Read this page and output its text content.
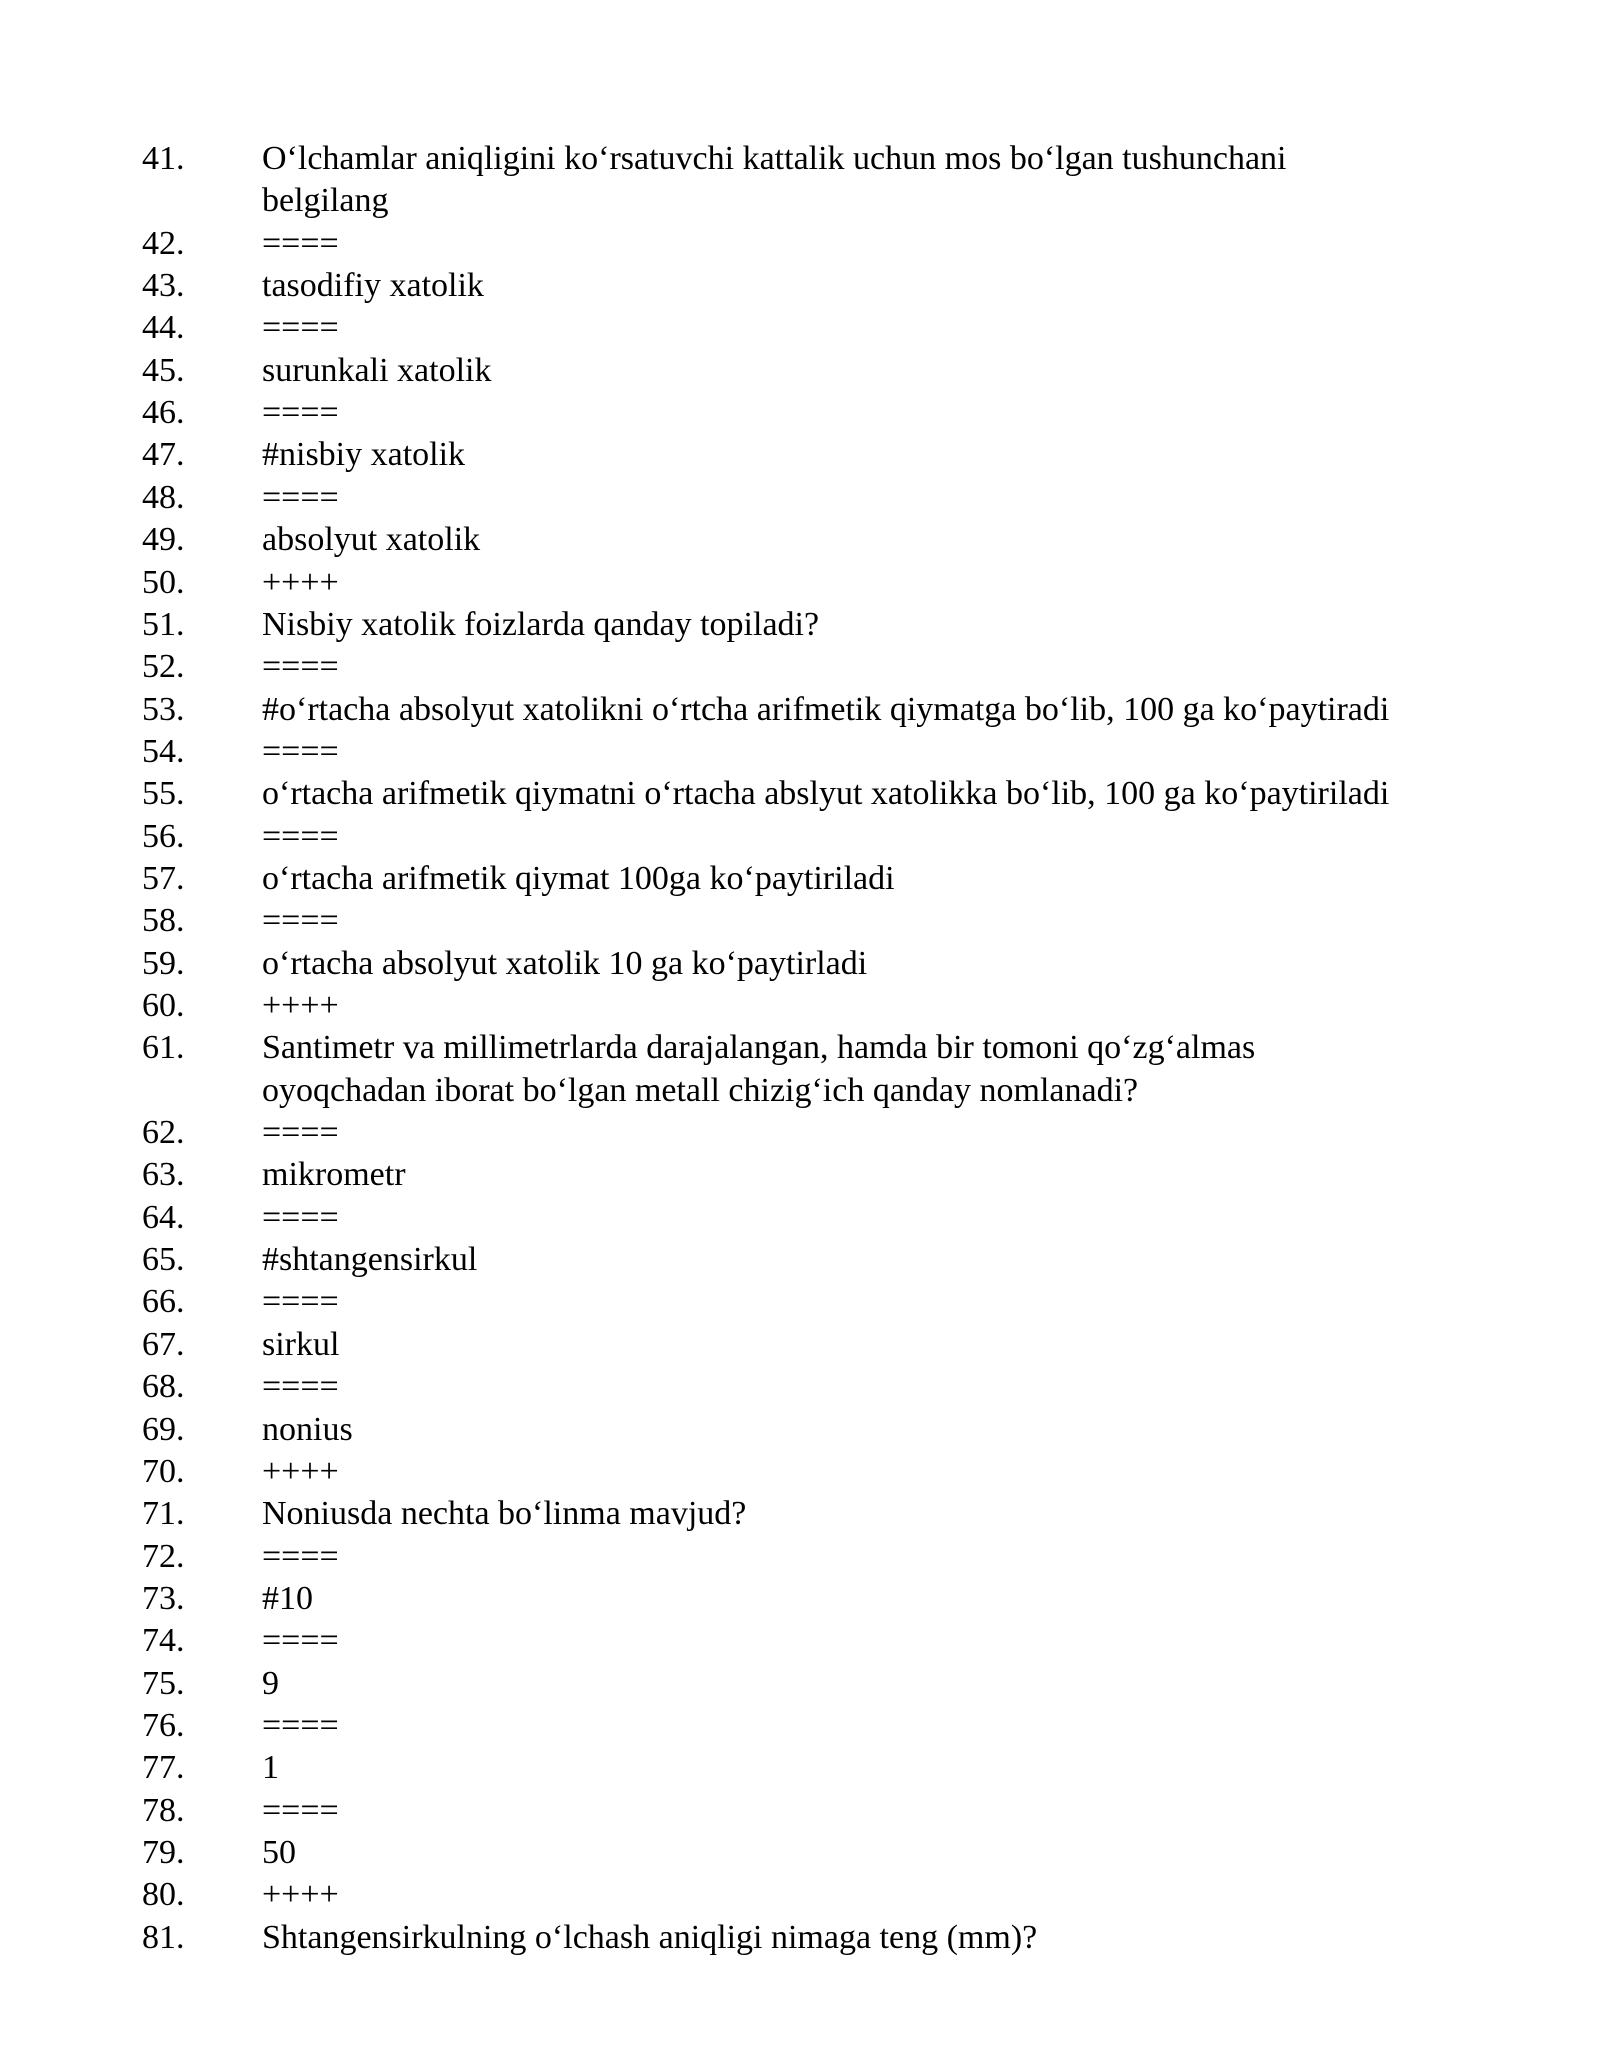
41.	O‘lchamlar aniqligini ko‘rsatuvchi kattalik uchun mos bo‘lgan tushunchani
belgilang
42.	====
43.	tasodifiy xatolik
44.	====
45.	surunkali xatolik
46.	====
47.	#nisbiy xatolik
48.	====
49.	absolyut xatolik
50.	++++
51.	Nisbiy xatolik foizlarda qanday topiladi?
52.	====
53.	#o‘rtacha absolyut xatolikni o‘rtcha arifmetik qiymatga bo‘lib, 100 ga ko‘paytiradi
54.	====
55.	o‘rtacha arifmetik qiymatni o‘rtacha abslyut xatolikka bo‘lib, 100 ga ko‘paytiriladi
56.	====
57.	o‘rtacha arifmetik qiymat 100ga ko‘paytiriladi
58.	====
59.	o‘rtacha absolyut xatolik 10 ga ko‘paytirladi
60.	++++
61.	Santimetr va millimetrlarda darajalangan, hamda bir tomoni qo‘zg‘almas
oyoqchadan iborat bo‘lgan metall chizig‘ich qanday nomlanadi?
62.	====
63.	mikrometr
64.	====
65.	#shtangensirkul
66.	====
67.	sirkul
68.	====
69.	nonius
70.	++++
71.	Noniusda nechta bo‘linma mavjud?
72.	====
73.	#10
74.	====
75.	9
76.	====
77.	1
78.	====
79.	50
80.	++++
81.	Shtangensirkulning o‘lchash aniqligi nimaga teng (mm)?
